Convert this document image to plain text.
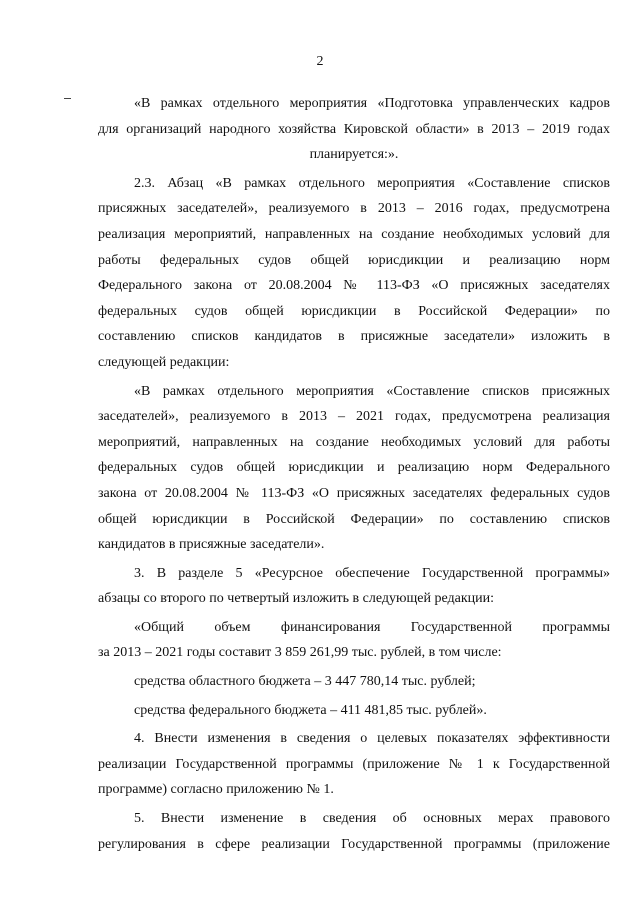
2
«В рамках отдельного мероприятия «Подготовка управленческих кадров
для организаций народного хозяйства Кировской области» в 2013 – 2019 годах
планируется:».
2.3. Абзац «В рамках отдельного мероприятия «Составление списков
присяжных заседателей», реализуемого в 2013 – 2016 годах, предусмотрена
реализация мероприятий, направленных на создание необходимых условий для
работы федеральных судов общей юрисдикции и реализацию норм
Федерального закона от 20.08.2004 № 113-ФЗ «О присяжных заседателях
федеральных судов общей юрисдикции в Российской Федерации» по
составлению списков кандидатов в присяжные заседатели» изложить в
следующей редакции:
«В рамках отдельного мероприятия «Составление списков присяжных
заседателей», реализуемого в 2013 – 2021 годах, предусмотрена реализация
мероприятий, направленных на создание необходимых условий для работы
федеральных судов общей юрисдикции и реализацию норм Федерального
закона от 20.08.2004 № 113-ФЗ «О присяжных заседателях федеральных судов
общей юрисдикции в Российской Федерации» по составлению списков
кандидатов в присяжные заседатели».
3. В разделе 5 «Ресурсное обеспечение Государственной программы»
абзацы со второго по четвертый изложить в следующей редакции:
«Общий объем финансирования Государственной программы
за 2013 – 2021 годы составит 3 859 261,99 тыс. рублей, в том числе:
средства областного бюджета – 3 447 780,14 тыс. рублей;
средства федерального бюджета – 411 481,85 тыс. рублей».
4. Внести изменения в сведения о целевых показателях эффективности
реализации Государственной программы (приложение № 1 к Государственной
программе) согласно приложению № 1.
5. Внести изменение в сведения об основных мерах правового
регулирования в сфере реализации Государственной программы (приложение
